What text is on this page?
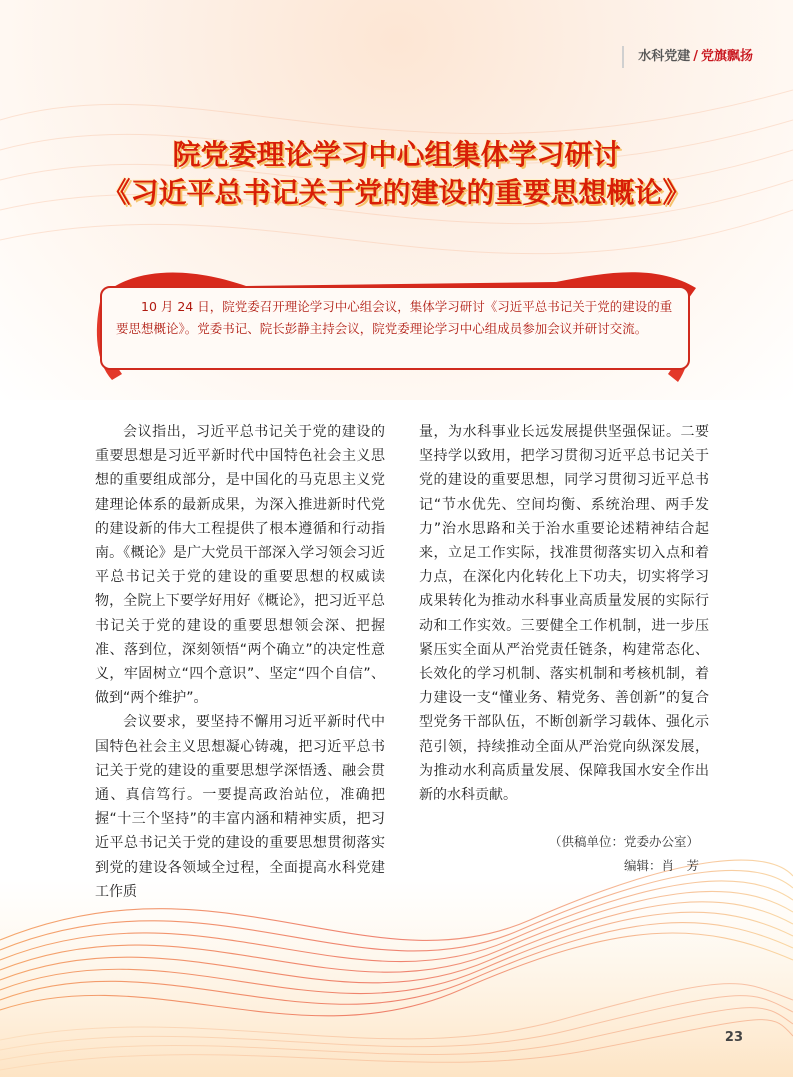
水科党建 / 党旗飘扬
院党委理论学习中心组集体学习研讨
《习近平总书记关于党的建设的重要思想概论》
10 月 24 日，院党委召开理论学习中心组会议，集体学习研讨《习近平总书记关于党的建设的重要思想概论》。党委书记、院长彭静主持会议，院党委理论学习中心组成员参加会议并研讨交流。

会议指出，习近平总书记关于党的建设的重要思想是习近平新时代中国特色社会主义思想的重要组成部分，是中国化的马克思主义党建理论体系的最新成果，为深入推进新时代党的建设新的伟大工程提供了根本遵循和行动指南。《概论》是广大党员干部深入学习领会习近平总书记关于党的建设的重要思想的权威读物，全院上下要学好用好《概论》，把习近平总书记关于党的建设的重要思想领会深、把握准、落到位，深刻领悟“两个确立”的决定性意义，牢固树立“四个意识”、坚定“四个自信”、做到“两个维护”。

会议要求，要坚持不懈用习近平新时代中国特色社会主义思想凝心铸魂，把习近平总书记关于党的建设的重要思想学深悟透、融会贯通、真信笃行。一要提高政治站位，准确把握“十三个坚持”的丰富内涵和精神实质，把习近平总书记关于党的建设的重要思想贯彻落实到党的建设各领域全过程，全面提高水科党建工作质

量，为水科事业长远发展提供坚强保证。二要坚持学以致用，把学习贯彻习近平总书记关于党的建设的重要思想，同学习贯彻习近平总书记“节水优先、空间均衡、系统治理、两手发力”治水思路和关于治水重要论述精神结合起来，立足工作实际，找准贯彻落实切入点和着力点，在深化内化转化上下功夫，切实将学习成果转化为推动水科事业高质量发展的实际行动和工作实效。三要健全工作机制，进一步压紧压实全面从严治党责任链条，构建常态化、长效化的学习机制、落实机制和考核机制，着力建设一支“懂业务、精党务、善创新”的复合型党务干部队伍，不断创新学习载体、强化示范引领，持续推动全面从严治党向纵深发展，为推动水利高质量发展、保障我国水安全作出新的水科贡献。

（供稿单位：党委办公室）
编辑：肖　芳
23
